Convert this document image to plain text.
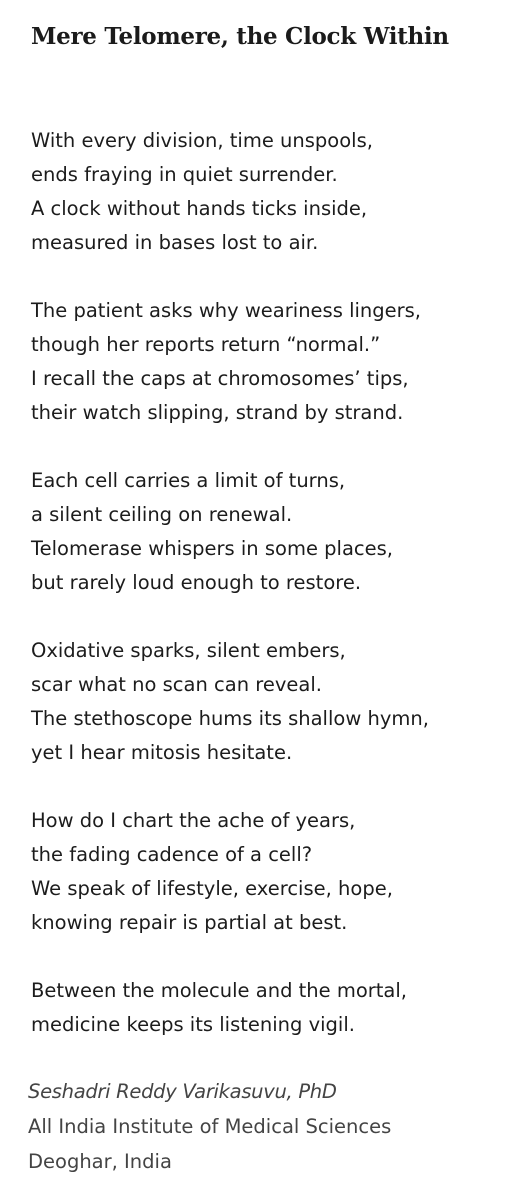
Mere Telomere, the Clock Within
With every division, time unspools,
ends fraying in quiet surrender.
A clock without hands ticks inside,
measured in bases lost to air.
The patient asks why weariness lingers,
though her reports return “normal.”
I recall the caps at chromosomes’ tips,
their watch slipping, strand by strand.
Each cell carries a limit of turns,
a silent ceiling on renewal.
Telomerase whispers in some places,
but rarely loud enough to restore.
Oxidative sparks, silent embers,
scar what no scan can reveal.
The stethoscope hums its shallow hymn,
yet I hear mitosis hesitate.
How do I chart the ache of years,
the fading cadence of a cell?
We speak of lifestyle, exercise, hope,
knowing repair is partial at best.
Between the molecule and the mortal,
medicine keeps its listening vigil.
Seshadri Reddy Varikasuvu, PhD
All India Institute of Medical Sciences
Deoghar, India
